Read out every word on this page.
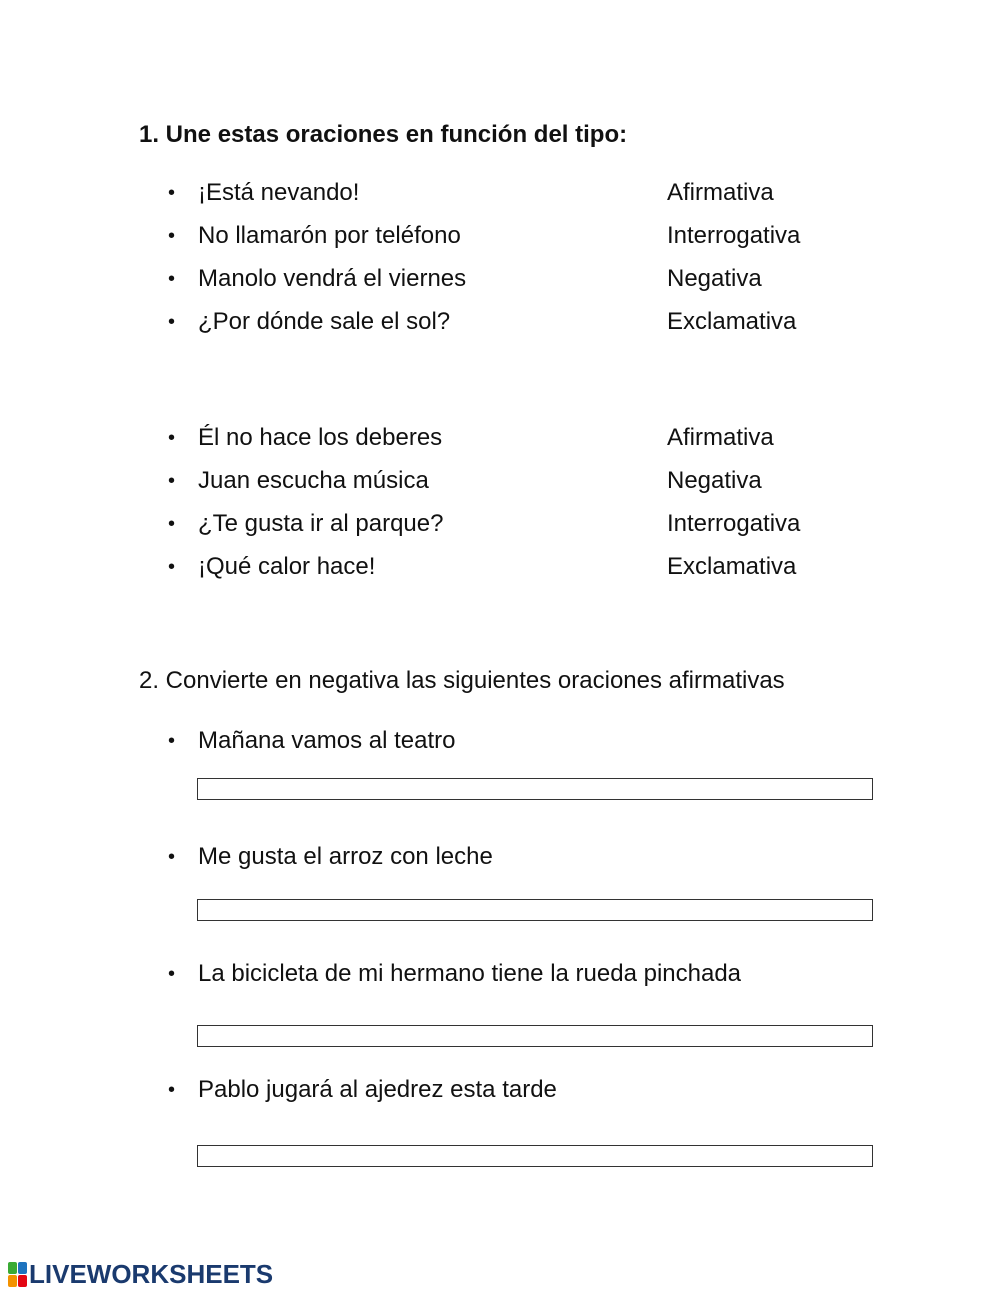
1. Une estas oraciones en función del tipo:
• ¡Está nevando!	Afirmativa
• No llamarón por teléfono	Interrogativa
• Manolo vendrá el viernes	Negativa
• ¿Por dónde sale el sol?	Exclamativa
• Él no hace los deberes	Afirmativa
• Juan escucha música	Negativa
• ¿Te gusta ir al parque?	Interrogativa
• ¡Qué calor hace!	Exclamativa
2. Convierte en negativa las siguientes oraciones afirmativas
• Mañana vamos al teatro
• Me gusta el arroz con leche
• La bicicleta de mi hermano tiene la rueda pinchada
• Pablo jugará al ajedrez esta tarde
LIVEWORKSHEETS
